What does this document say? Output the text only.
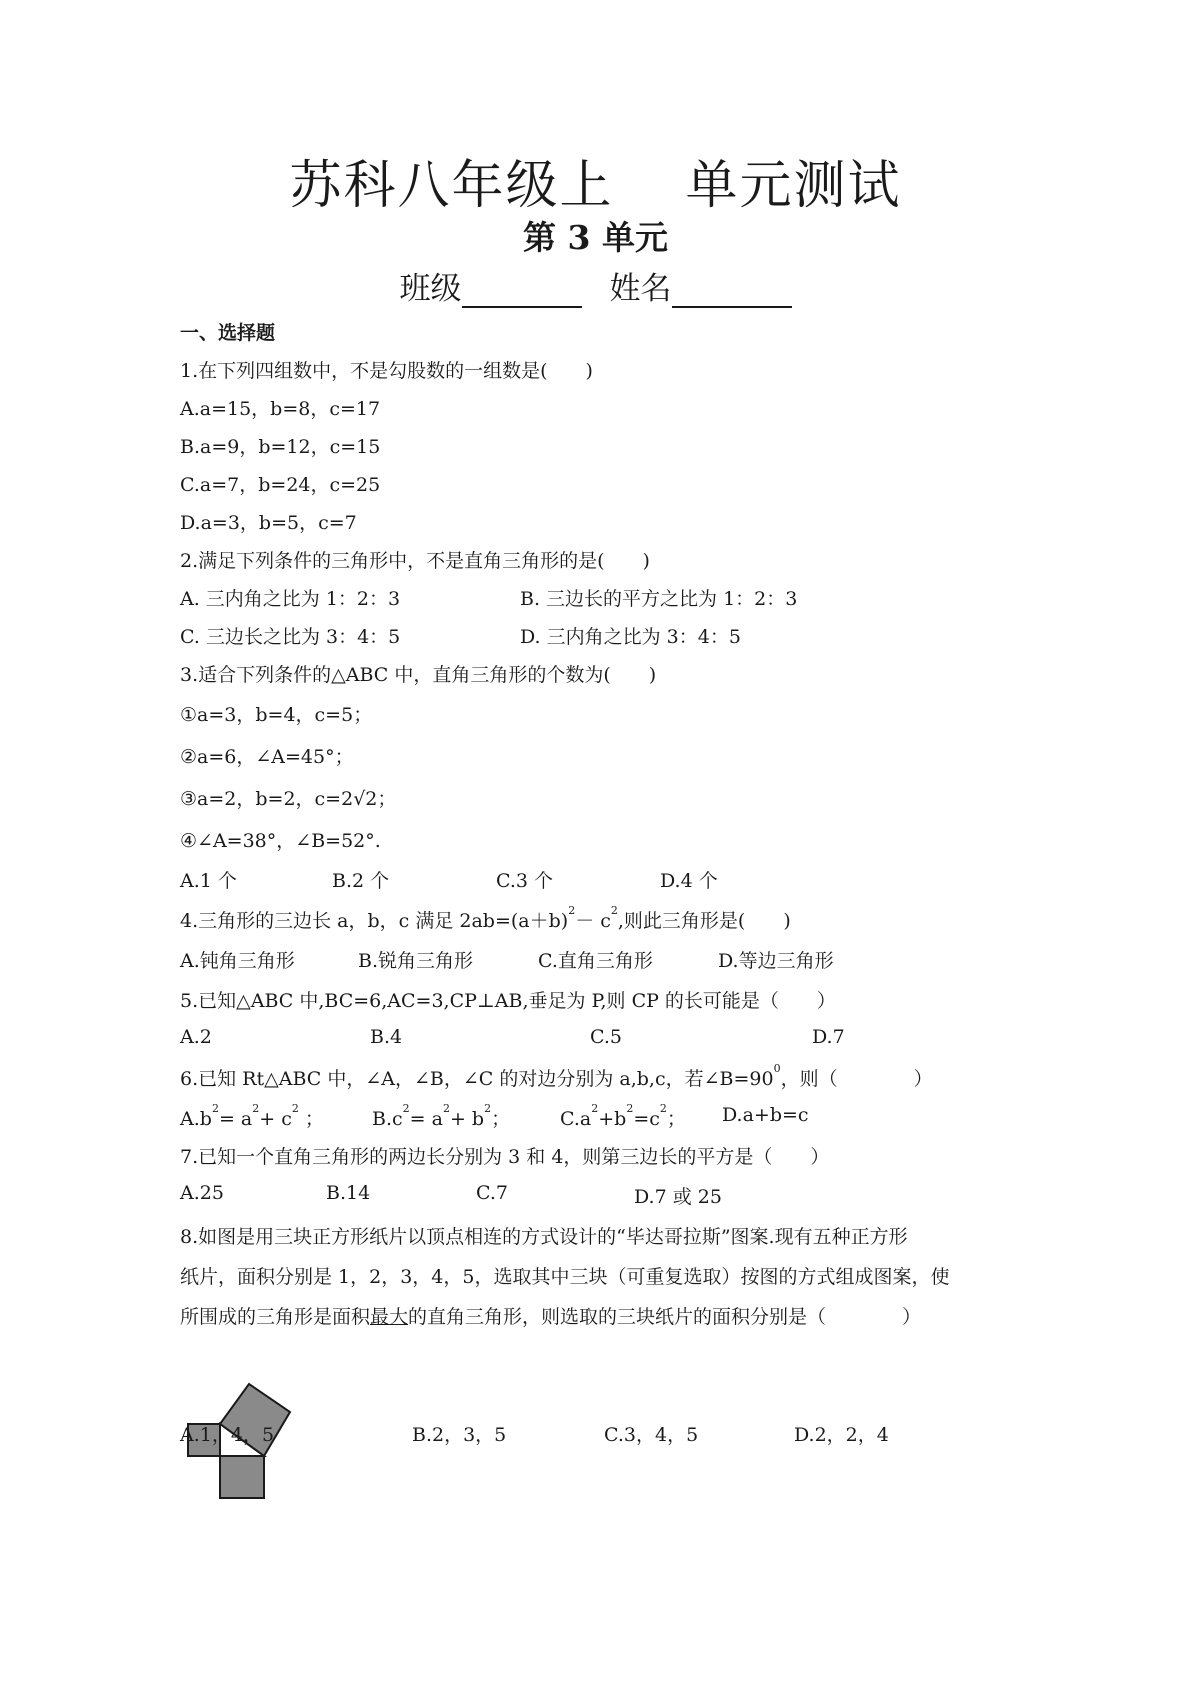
苏科八年级上 单元测试
第 3 单元
班级	姓名
一、选择题
1.在下列四组数中，不是勾股数的一组数是(　　)
A.a=15，b=8，c=17
B.a=9，b=12，c=15
C.a=7，b=24，c=25
D.a=3，b=5，c=7
2.满足下列条件的三角形中，不是直角三角形的是(　　)
A. 三内角之比为 1：2：3	B. 三边长的平方之比为 1：2：3
C. 三边长之比为 3：4：5	D. 三内角之比为 3：4：5
3.适合下列条件的△ABC 中，直角三角形的个数为(　　)
①a=3，b=4，c=5；
②a=6，∠A=45°；
③a=2，b=2，c=2√2；
④∠A=38°，∠B=52°.
A.1 个	B.2 个	C.3 个	D.4 个
4.三角形的三边长 a，b，c 满足 $2ab=(a+b)^2- c^2$,则此三角形是(　　)
A.钝角三角形	B.锐角三角形	C.直角三角形	D.等边三角形
5.已知△ABC 中,BC=6,AC=3,CP⊥AB,垂足为 P,则 CP 的长可能是（　　）
A.2	B.4	C.5	D.7
6.已知 Rt△ABC 中，∠A，∠B，∠C 的对边分别为 a,b,c，若$\angle B=90^0$，则（　　　　）
$A.b^2= a^2+ c^2$ ；	$B.c^2= a^2+ b^2$；	$C.a^2+b^2=c^2$； D.a+b=c
7.已知一个直角三角形的两边长分别为 3 和 4，则第三边长的平方是（　　）
A.25	B.14	C.7	D.7 或 25
8.如图是用三块正方形纸片以顶点相连的方式设计的“毕达哥拉斯”图案.现有五种正方形
纸片，面积分别是 1，2，3，4，5，选取其中三块（可重复选取）按图的方式组成图案，使
所围成的三角形是面积最大的直角三角形，则选取的三块纸片的面积分别是（　　　　）
A.1，4，5	B.2，3，5	C.3，4，5	D.2，2，4
